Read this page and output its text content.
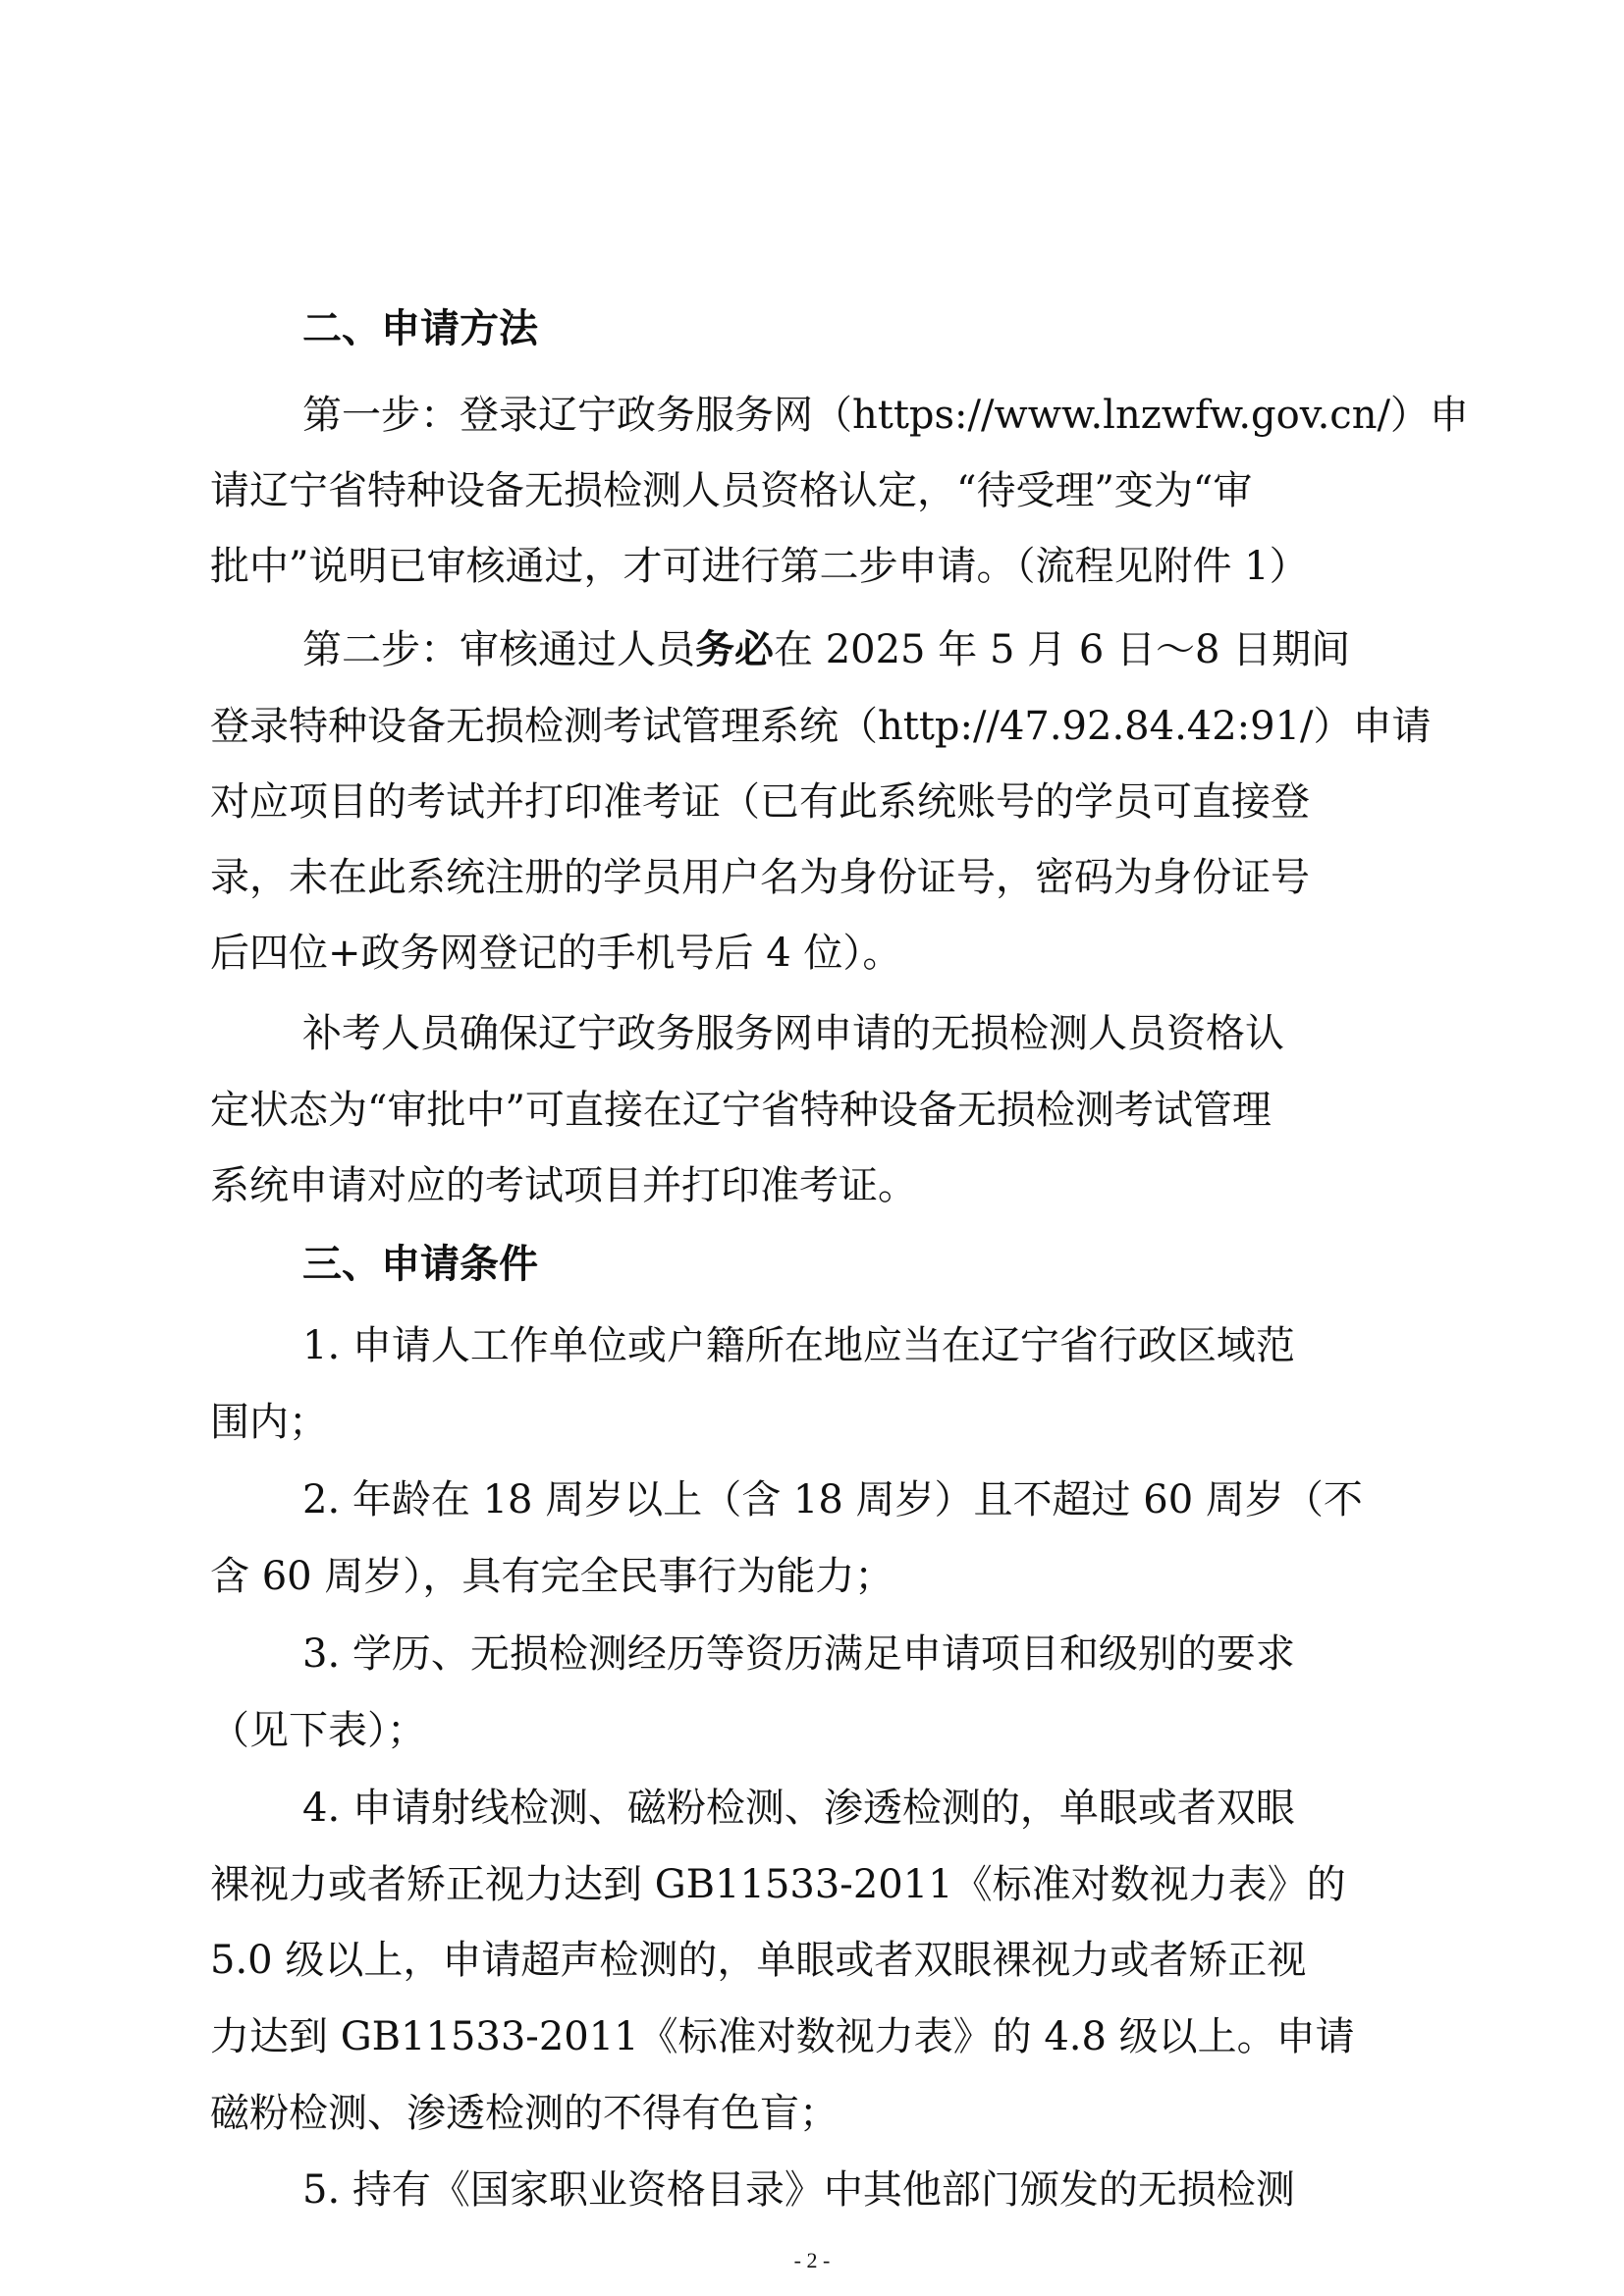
二、申请方法
第一步：登录辽宁政务服务网（https://www.lnzwfw.gov.cn/）申
请辽宁省特种设备无损检测人员资格认定，“待受理”变为“审
批中”说明已审核通过，才可进行第二步申请。（流程见附件 1）
第二步：审核通过人员务必在 2025 年 5 月 6 日～8 日期间
登录特种设备无损检测考试管理系统（http://47.92.84.42:91/）申请
对应项目的考试并打印准考证（已有此系统账号的学员可直接登
录，未在此系统注册的学员用户名为身份证号，密码为身份证号
后四位+政务网登记的手机号后 4 位）。
补考人员确保辽宁政务服务网申请的无损检测人员资格认
定状态为“审批中”可直接在辽宁省特种设备无损检测考试管理
系统申请对应的考试项目并打印准考证。
三、申请条件
1. 申请人工作单位或户籍所在地应当在辽宁省行政区域范
围内；
2. 年龄在 18 周岁以上（含 18 周岁）且不超过 60 周岁（不
含 60 周岁），具有完全民事行为能力；
3. 学历、无损检测经历等资历满足申请项目和级别的要求
（见下表）；
4. 申请射线检测、磁粉检测、渗透检测的，单眼或者双眼
裸视力或者矫正视力达到 GB11533-2011《标准对数视力表》的
5.0 级以上，申请超声检测的，单眼或者双眼裸视力或者矫正视
- 2 -
力达到 GB11533-2011《标准对数视力表》的 4.8 级以上。申请
磁粉检测、渗透检测的不得有色盲；
5. 持有《国家职业资格目录》中其他部门颁发的无损检测
